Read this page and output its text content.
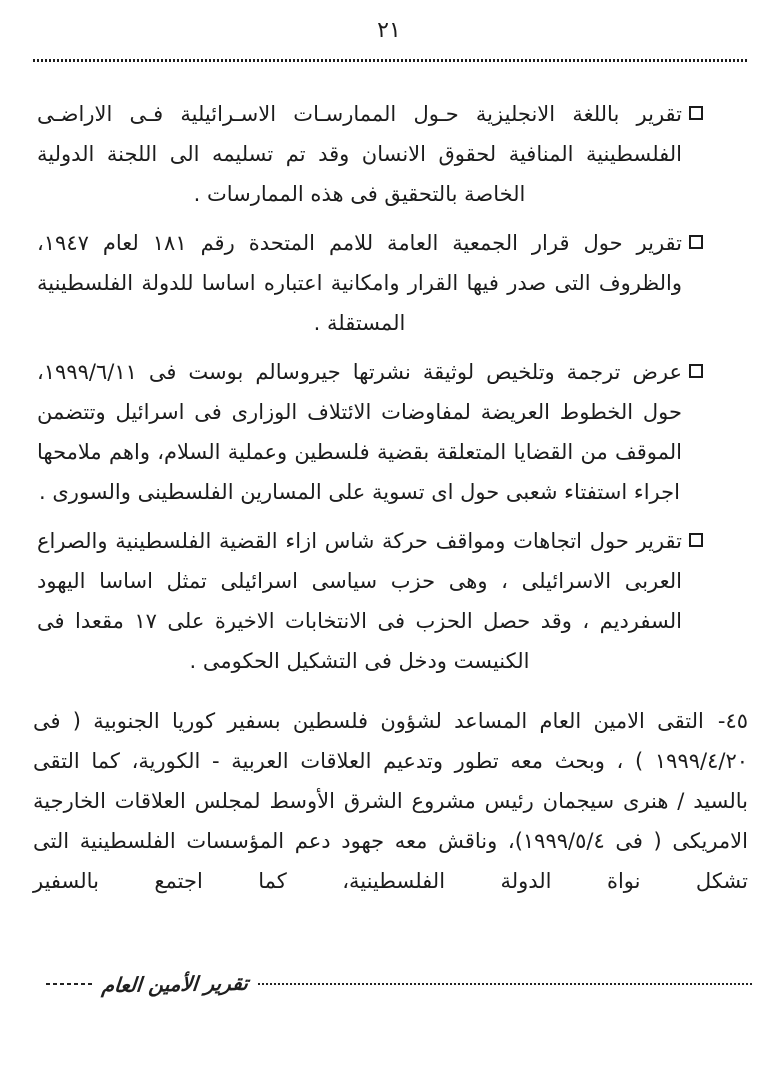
٢١

تقرير باللغة الانجليزية حـول الممارسـات الاسـرائيلية فـى الاراضـى الفلسطينية المنافية لحقوق الانسان وقد تم تسليمه الى اللجنة الدولية الخاصة بالتحقيق فى هذه الممارسات .

تقرير حول قرار الجمعية العامة للامم المتحدة رقم ١٨١ لعام ١٩٤٧، والظروف التى صدر فيها القرار وامكانية اعتباره اساسا للدولة الفلسطينية المستقلة .

عرض ترجمة وتلخيص لوثيقة نشرتها جيروسالم بوست فى ١٩٩٩/٦/١١، حول الخطوط العريضة لمفاوضات الائتلاف الوزارى فى اسرائيل وتتضمن الموقف من القضايا المتعلقة بقضية فلسطين وعملية السلام، واهم ملامحها اجراء استفتاء شعبى حول اى تسوية على المسارين الفلسطينى والسورى .

تقرير حول اتجاهات ومواقف حركة شاس ازاء القضية الفلسطينية والصراع العربى الاسرائيلى ، وهى حزب سياسى اسرائيلى تمثل اساسا اليهود السفرديم ، وقد حصل الحزب فى الانتخابات الاخيرة على ١٧ مقعدا فى الكنيست ودخل فى التشكيل الحكومى .

٤٥-التقى الامين العام المساعد لشؤون فلسطين بسفير كوريا الجنوبية ( فى ١٩٩٩/٤/٢٠ ) ، وبحث معه تطور وتدعيم العلاقات العربية - الكورية، كما التقى بالسيد / هنرى سيجمان رئيس مشروع الشرق الأوسط لمجلس العلاقات الخارجية الامريكى ( فى ١٩٩٩/٥/٤)، وناقش معه جهود دعم المؤسسات الفلسطينية التى تشكل نواة الدولة الفلسطينية، كما اجتمع بالسفير

تقرير الأمين العام
